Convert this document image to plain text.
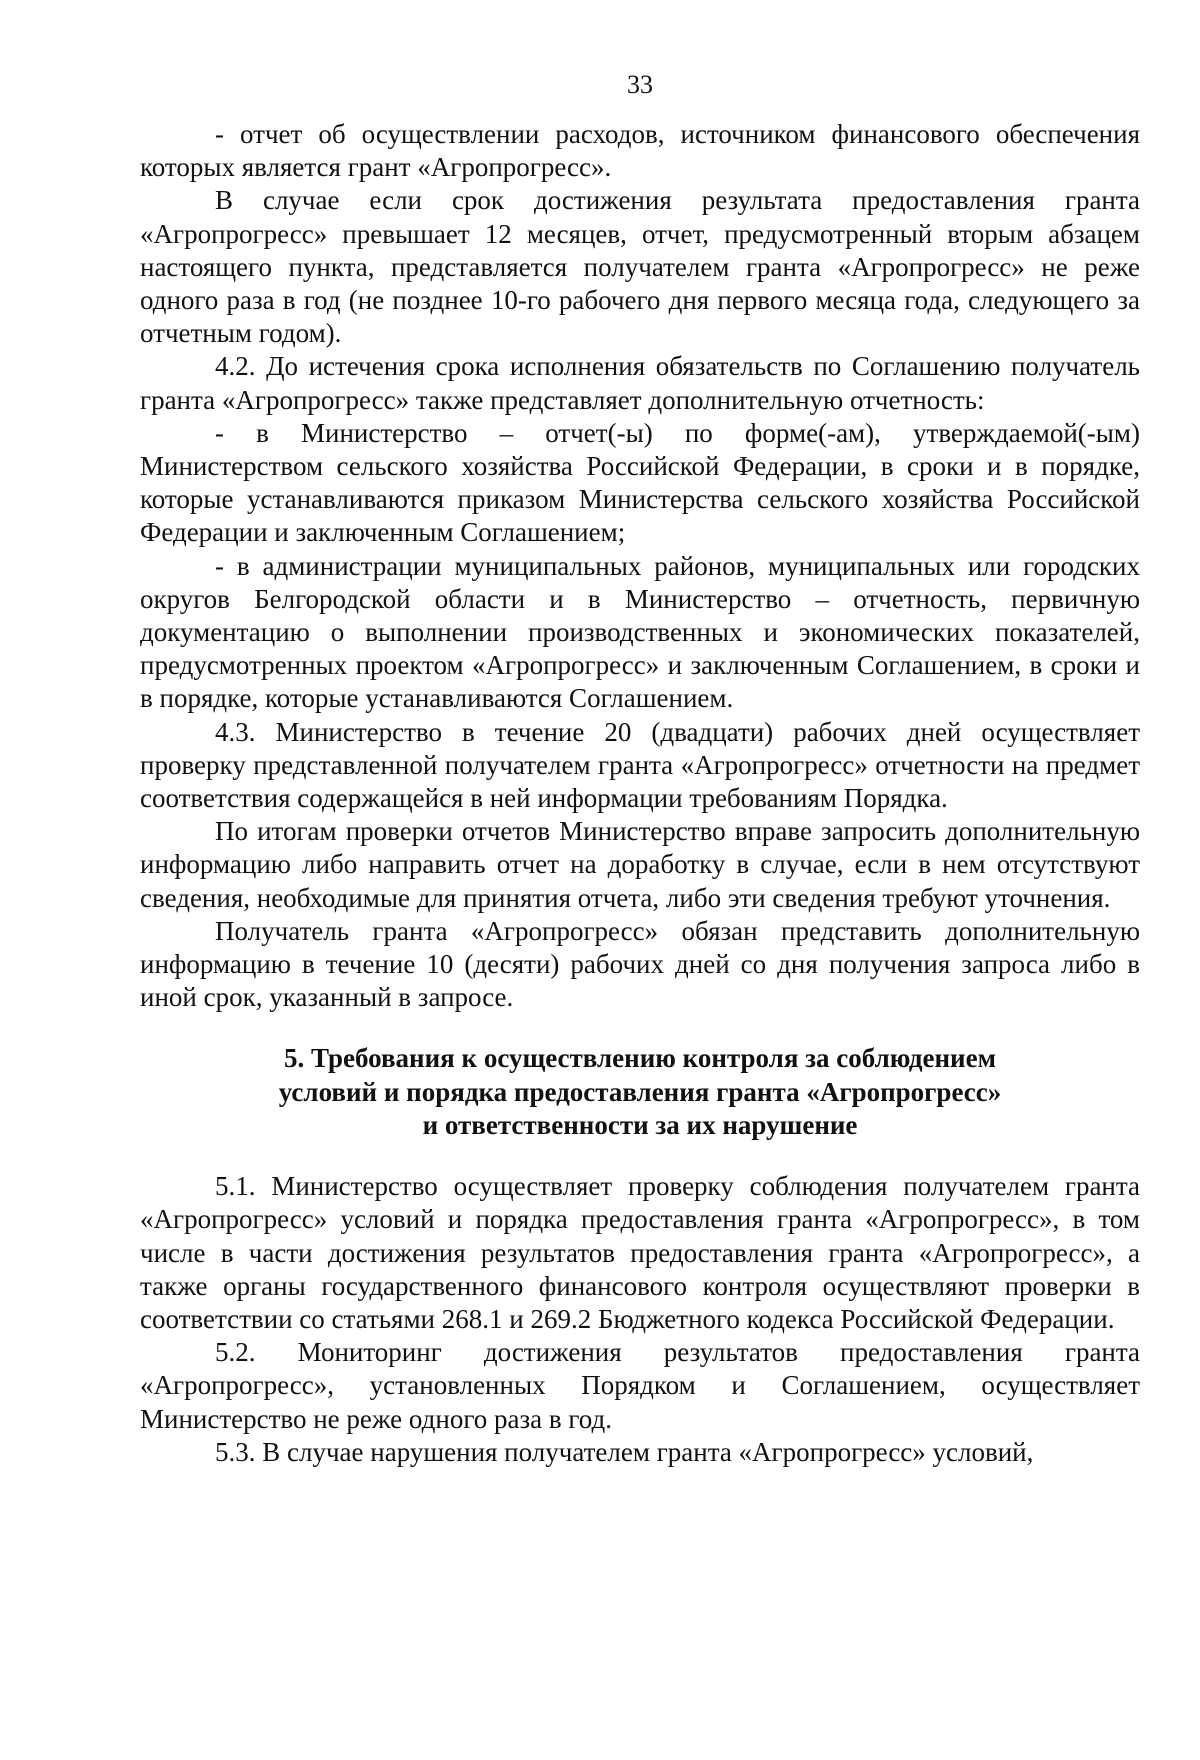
33

- отчет об осуществлении расходов, источником финансового обеспечения которых является грант «Агропрогресс».

В случае если срок достижения результата предоставления гранта «Агропрогресс» превышает 12 месяцев, отчет, предусмотренный вторым абзацем настоящего пункта, представляется получателем гранта «Агропрогресс» не реже одного раза в год (не позднее 10-го рабочего дня первого месяца года, следующего за отчетным годом).

4.2. До истечения срока исполнения обязательств по Соглашению получатель гранта «Агропрогресс» также представляет дополнительную отчетность:

- в Министерство – отчет(-ы) по форме(-ам), утверждаемой(-ым) Министерством сельского хозяйства Российской Федерации, в сроки и в порядке, которые устанавливаются приказом Министерства сельского хозяйства Российской Федерации и заключенным Соглашением;

- в администрации муниципальных районов, муниципальных или городских округов Белгородской области и в Министерство – отчетность, первичную документацию о выполнении производственных и экономических показателей, предусмотренных проектом «Агропрогресс» и заключенным Соглашением, в сроки и в порядке, которые устанавливаются Соглашением.

4.3. Министерство в течение 20 (двадцати) рабочих дней осуществляет проверку представленной получателем гранта «Агропрогресс» отчетности на предмет соответствия содержащейся в ней информации требованиям Порядка.

По итогам проверки отчетов Министерство вправе запросить дополнительную информацию либо направить отчет на доработку в случае, если в нем отсутствуют сведения, необходимые для принятия отчета, либо эти сведения требуют уточнения.

Получатель гранта «Агропрогресс» обязан представить дополнительную информацию в течение 10 (десяти) рабочих дней со дня получения запроса либо в иной срок, указанный в запросе.

5. Требования к осуществлению контроля за соблюдением
условий и порядка предоставления гранта «Агропрогресс»
и ответственности за их нарушение

5.1. Министерство осуществляет проверку соблюдения получателем гранта «Агропрогресс» условий и порядка предоставления гранта «Агропрогресс», в том числе в части достижения результатов предоставления гранта «Агропрогресс», а также органы государственного финансового контроля осуществляют проверки в соответствии со статьями 268.1 и 269.2 Бюджетного кодекса Российской Федерации.

5.2. Мониторинг достижения результатов предоставления гранта «Агропрогресс», установленных Порядком и Соглашением, осуществляет Министерство не реже одного раза в год.

5.3. В случае нарушения получателем гранта «Агропрогресс» условий,
